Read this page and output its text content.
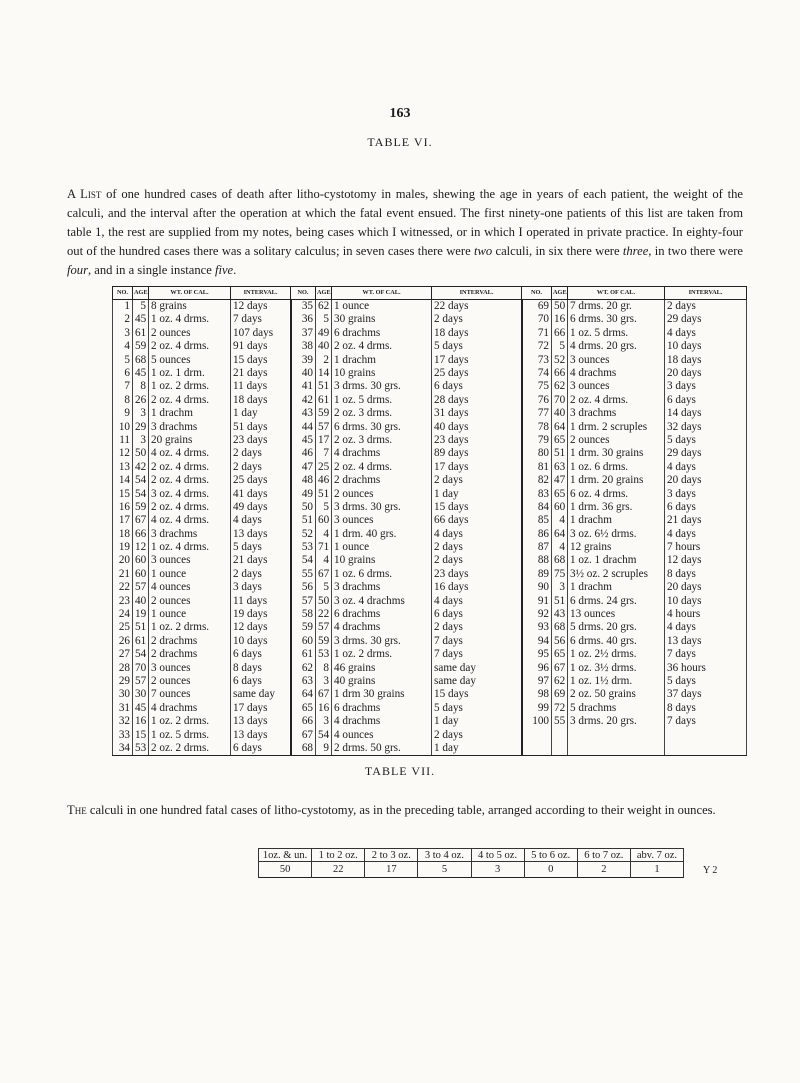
163
TABLE VI.
A List of one hundred cases of death after litho-cystotomy in males, shewing the age in years of each patient, the weight of the calculi, and the interval after the operation at which the fatal event ensued. The first ninety-one patients of this list are taken from table 1, the rest are supplied from my notes, being cases which I witnessed, or in which I operated in private practice. In eighty-four out of the hundred cases there was a solitary calculus; in seven cases there were two calculi, in six there were three, in two there were four, and in a single instance five.
NO.	AGE	WT. OF CAL.	INTERVAL.	NO.	AGE	WT. OF CAL.	INTERVAL.	NO.	AGE	WT. OF CAL.	INTERVAL.
1	5	8 grains	12 days	35	62	1 ounce	22 days	69	50	7 drms. 20 gr.	2 days
2	45	1 oz. 4 drms.	7 days	36	5	30 grains	2 days	70	16	6 drms. 30 grs.	29 days
3	61	2 ounces	107 days	37	49	6 drachms	18 days	71	66	1 oz. 5 drms.	4 days
4	59	2 oz. 4 drms.	91 days	38	40	2 oz. 4 drms.	5 days	72	5	4 drms. 20 grs.	10 days
5	68	5 ounces	15 days	39	2	1 drachm	17 days	73	52	3 ounces	18 days
6	45	1 oz. 1 drm.	21 days	40	14	10 grains	25 days	74	66	4 drachms	20 days
7	8	1 oz. 2 drms.	11 days	41	51	3 drms. 30 grs.	6 days	75	62	3 ounces	3 days
8	26	2 oz. 4 drms.	18 days	42	61	1 oz. 5 drms.	28 days	76	70	2 oz. 4 drms.	6 days
9	3	1 drachm	1 day	43	59	2 oz. 3 drms.	31 days	77	40	3 drachms	14 days
10	29	3 drachms	51 days	44	57	6 drms. 30 grs.	40 days	78	64	1 drm. 2 scruples	32 days
11	3	20 grains	23 days	45	17	2 oz. 3 drms.	23 days	79	65	2 ounces	5 days
12	50	4 oz. 4 drms.	2 days	46	7	4 drachms	89 days	80	51	1 drm. 30 grains	29 days
13	42	2 oz. 4 drms.	2 days	47	25	2 oz. 4 drms.	17 days	81	63	1 oz. 6 drms.	4 days
14	54	2 oz. 4 drms.	25 days	48	46	2 drachms	2 days	82	47	1 drm. 20 grains	20 days
15	54	3 oz. 4 drms.	41 days	49	51	2 ounces	1 day	83	65	6 oz. 4 drms.	3 days
16	59	2 oz. 4 drms.	49 days	50	5	3 drms. 30 grs.	15 days	84	60	1 drm. 36 grs.	6 days
17	67	4 oz. 4 drms.	4 days	51	60	3 ounces	66 days	85	4	1 drachm	21 days
18	66	3 drachms	13 days	52	4	1 drm. 40 grs.	4 days	86	64	3 oz. 6½ drms.	4 days
19	12	1 oz. 4 drms.	5 days	53	71	1 ounce	2 days	87	4	12 grains	7 hours
20	60	3 ounces	21 days	54	4	10 grains	2 days	88	68	1 oz. 1 drachm	12 days
21	60	1 ounce	2 days	55	67	1 oz. 6 drms.	23 days	89	75	3½ oz. 2 scruples	8 days
22	57	4 ounces	3 days	56	5	3 drachms	16 days	90	3	1 drachm	20 days
23	40	2 ounces	11 days	57	50	3 oz. 4 drachms	4 days	91	51	6 drms. 24 grs.	10 days
24	19	1 ounce	19 days	58	22	6 drachms	6 days	92	43	13 ounces	4 hours
25	51	1 oz. 2 drms.	12 days	59	57	4 drachms	2 days	93	68	5 drms. 20 grs.	4 days
26	61	2 drachms	10 days	60	59	3 drms. 30 grs.	7 days	94	56	6 drms. 40 grs.	13 days
27	54	2 drachms	6 days	61	53	1 oz. 2 drms.	7 days	95	65	1 oz. 2½ drms.	7 days
28	70	3 ounces	8 days	62	8	46 grains	same day	96	67	1 oz. 3½ drms.	36 hours
29	57	2 ounces	6 days	63	3	40 grains	same day	97	62	1 oz. 1½ drm.	5 days
30	30	7 ounces	same day	64	67	1 drm 30 grains	15 days	98	69	2 oz. 50 grains	37 days
31	45	4 drachms	17 days	65	16	6 drachms	5 days	99	72	5 drachms	8 days
32	16	1 oz. 2 drms.	13 days	66	3	4 drachms	1 day	100	55	3 drms. 20 grs.	7 days
33	15	1 oz. 5 drms.	13 days	67	54	4 ounces	2 days				
34	53	2 oz. 2 drms.	6 days	68	9	2 drms. 50 grs.	1 day				
TABLE VII.
The calculi in one hundred fatal cases of litho-cystotomy, as in the preceding table, arranged according to their weight in ounces.
1oz. & un.	1 to 2 oz.	2 to 3 oz.	3 to 4 oz.	4 to 5 oz.	5 to 6 oz.	6 to 7 oz.	abv. 7 oz.
50	22	17	5	3	0	2	1	Y 2
